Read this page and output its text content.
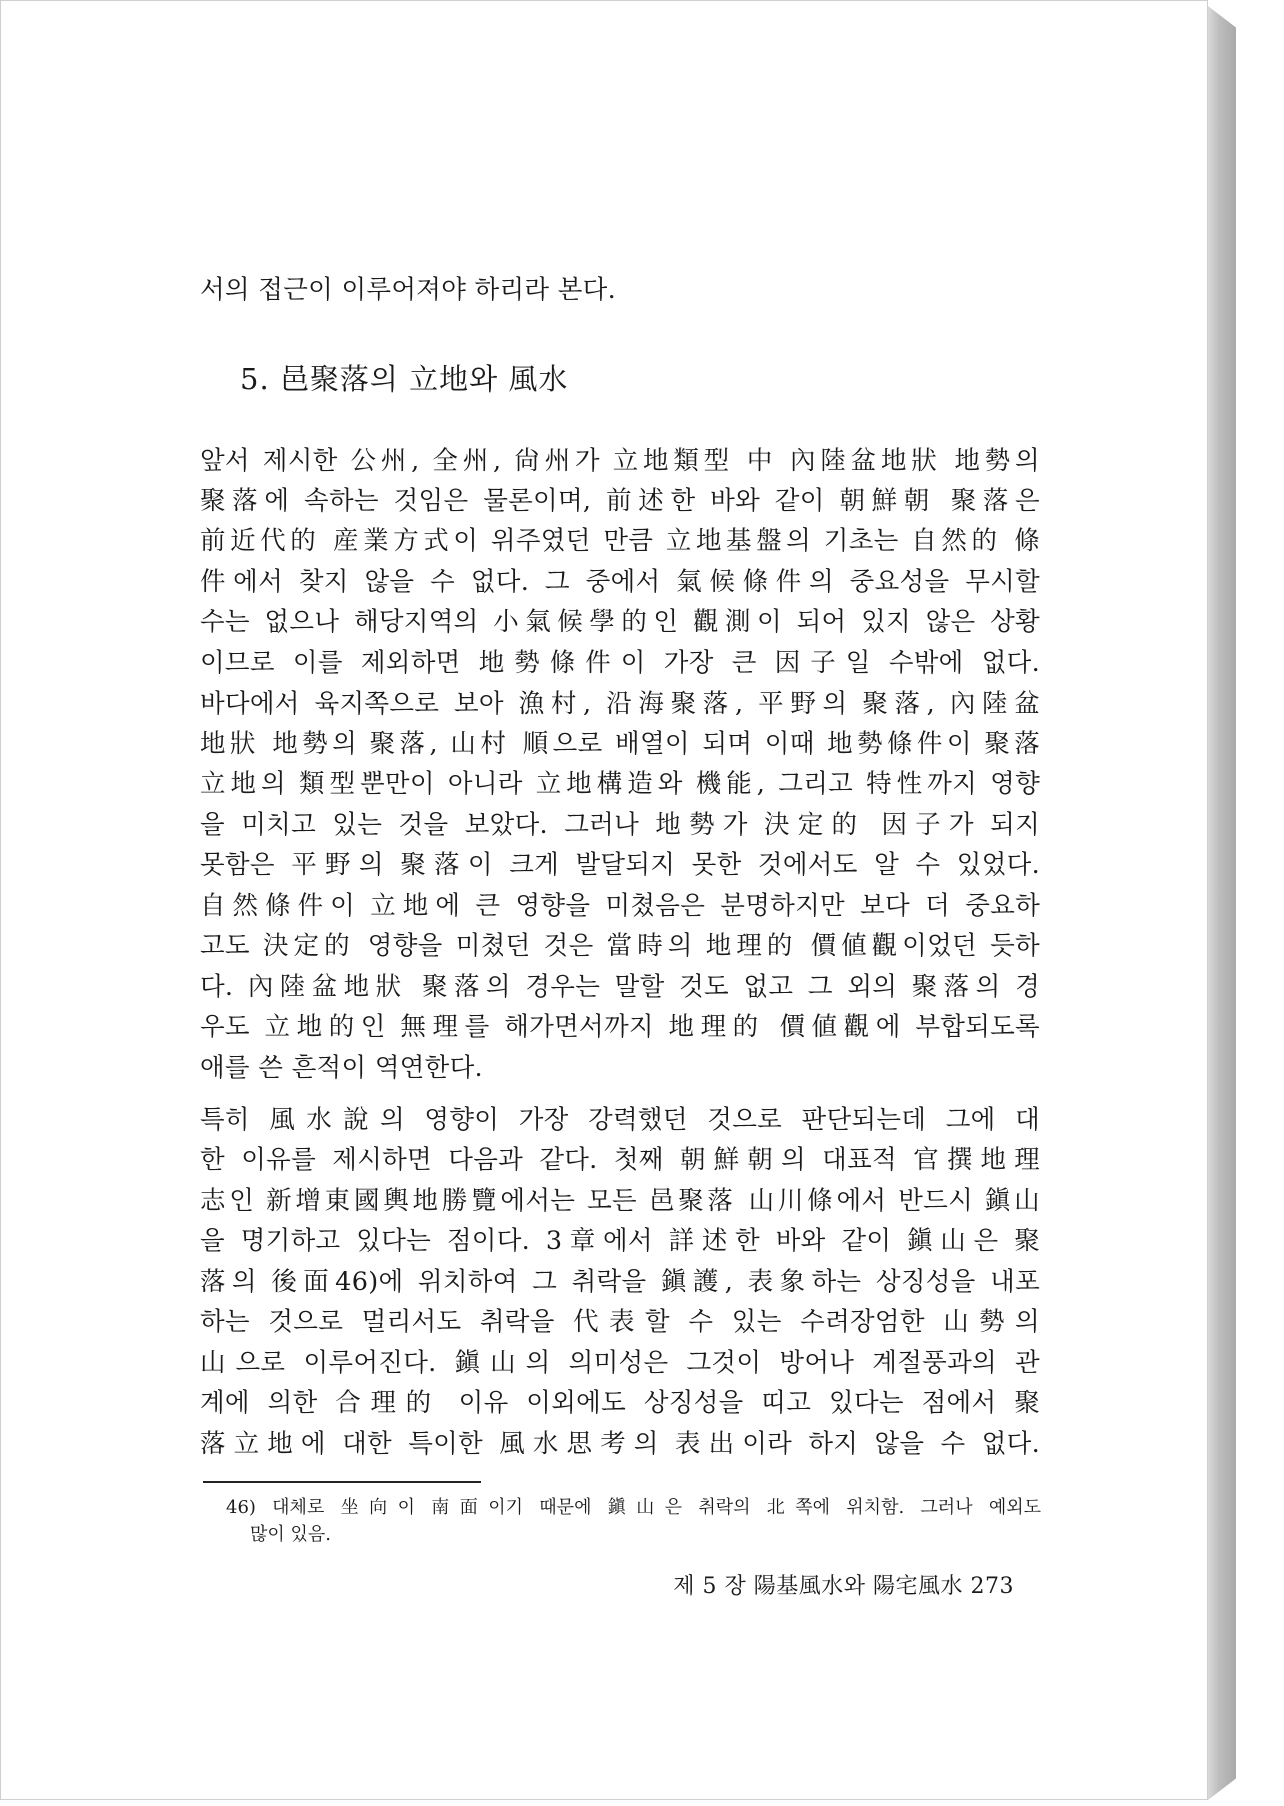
서의 접근이 이루어져야 하리라 본다.
5. 邑聚落의 立地와 風水
앞서 제시한 公州, 全州, 尙州가 立地類型 中 內陸盆地狀 地勢의
聚落에 속하는 것임은 물론이며, 前述한 바와 같이 朝鮮朝 聚落은
前近代的 産業方式이 위주였던 만큼 立地基盤의 기초는 自然的 條
件에서 찾지 않을 수 없다. 그 중에서 氣候條件의 중요성을 무시할
수는 없으나 해당지역의 小氣候學的인 觀測이 되어 있지 않은 상황
이므로 이를 제외하면 地勢條件이 가장 큰 因子일 수밖에 없다.
바다에서 육지쪽으로 보아 漁村, 沿海聚落, 平野의 聚落, 內陸盆
地狀 地勢의 聚落, 山村 順으로 배열이 되며 이때 地勢條件이 聚落
立地의 類型뿐만이 아니라 立地構造와 機能, 그리고 特性까지 영향
을 미치고 있는 것을 보았다. 그러나 地勢가 決定的 因子가 되지
못함은 平野의 聚落이 크게 발달되지 못한 것에서도 알 수 있었다.
自然條件이 立地에 큰 영향을 미쳤음은 분명하지만 보다 더 중요하
고도 決定的 영향을 미쳤던 것은 當時의 地理的 價値觀이었던 듯하
다. 內陸盆地狀 聚落의 경우는 말할 것도 없고 그 외의 聚落의 경
우도 立地的인 無理를 해가면서까지 地理的 價値觀에 부합되도록
애를 쓴 흔적이 역연한다.
특히 風水說의 영향이 가장 강력했던 것으로 판단되는데 그에 대
한 이유를 제시하면 다음과 같다. 첫째 朝鮮朝의 대표적 官撰地理
志인 新增東國輿地勝覽에서는 모든 邑聚落 山川條에서 반드시 鎭山
을 명기하고 있다는 점이다. 3章에서 詳述한 바와 같이 鎭山은 聚
落의 後面46)에 위치하여 그 취락을 鎭護, 表象하는 상징성을 내포
하는 것으로 멀리서도 취락을 代表할 수 있는 수려장엄한 山勢의
山으로 이루어진다. 鎭山의 의미성은 그것이 방어나 계절풍과의 관
계에 의한 合理的 이유 이외에도 상징성을 띠고 있다는 점에서 聚
落立地에 대한 특이한 風水思考의 表出이라 하지 않을 수 없다.
46) 대체로 坐向이 南面이기 때문에 鎭山은 취락의 北쪽에 위치함. 그러나 예외도
많이 있음.
제 5 장 陽基風水와 陽宅風水 273
